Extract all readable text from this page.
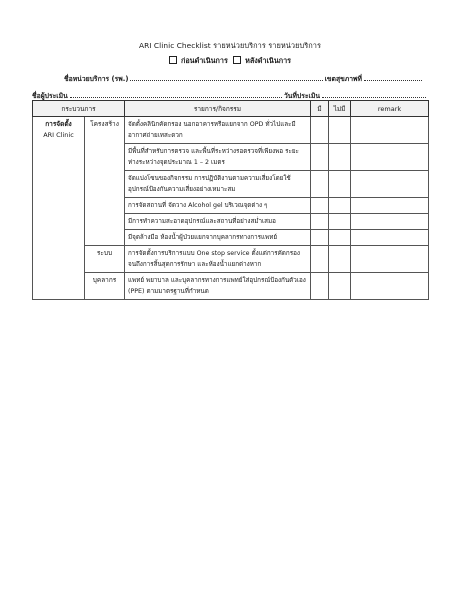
ARI Clinic Checklist รายหน่วยบริการ รายหน่วยบริการ
ก่อนดำเนินการ หลังดำเนินการ
ชื่อหน่วยบริการ (รพ.)	เขตสุขภาพที่
ชื่อผู้ประเมิน	วันที่ประเมิน
กระบวนการ		รายการ/กิจกรรม	มี	ไม่มี	remark

การจัดตั้ง
ARI Clinic	โครงสร้าง	จัดตั้งคลินิกคัดกรอง นอกอาคารหรือแยกจาก OPD ทั่วไปและมีอากาศถ่ายเทสะดวก			
		มีพื้นที่สำหรับการตรวจ และพื้นที่ระหว่างรอตรวจที่เพียงพอ ระยะห่างระหว่างจุดประมาณ 1 – 2 เมตร			
		จัดแบ่งโซนของกิจกรรม การปฏิบัติงานตามความเสี่ยงโดยใช้อุปกรณ์ป้องกันความเสี่ยงอย่างเหมาะสม			
		การจัดสถานที่ จัดวาง Alcohol gel บริเวณจุดต่าง ๆ			
		มีการทำความสะอาดอุปกรณ์และสถานที่อย่างสม่ำเสมอ			
		มีจุดล้างมือ ห้องน้ำผู้ป่วยแยกจากบุคลากรทางการแพทย์			
	ระบบ	การจัดตั้งการบริการแบบ One stop service ตั้งแต่การคัดกรองจนถึงการสิ้นสุดการรักษา และห้องน้ำแยกต่างหาก			
	บุคลากร	แพทย์ พยาบาล และบุคลากรทางการแพทย์ใส่อุปกรณ์ป้องกันตัวเอง (PPE) ตามมาตรฐานที่กำหนด			
